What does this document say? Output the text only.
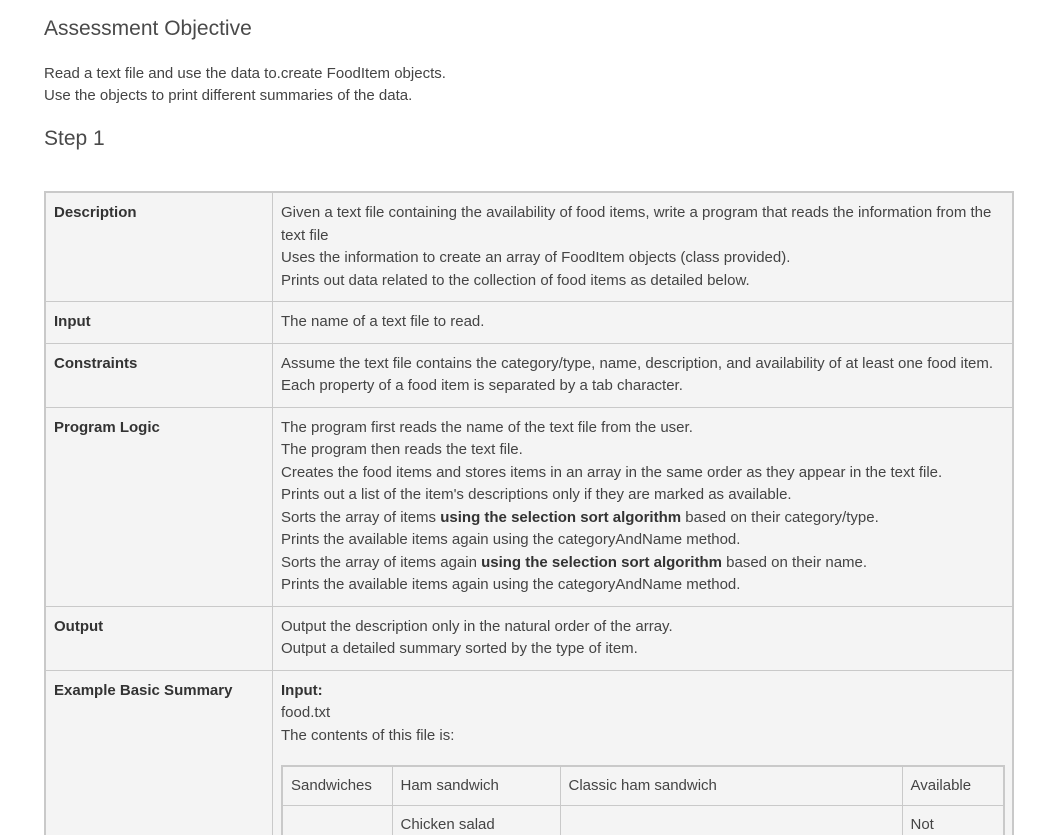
Assessment Objective

Read a text file and use the data to.create FoodItem objects.
Use the objects to print different summaries of the data.

Step 1
Description	Given a text file containing the availability of food items, write a program that reads the information from the text file
Uses the information to create an array of FoodItem objects (class provided).
Prints out data related to the collection of food items as detailed below.

Input	The name of a text file to read.

Constraints	Assume the text file contains the category/type, name, description, and availability of at least one food item.
Each property of a food item is separated by a tab character.

Program Logic	The program first reads the name of the text file from the user.
The program then reads the text file.
Creates the food items and stores items in an array in the same order as they appear in the text file.
Prints out a list of the item's descriptions only if they are marked as available.
Sorts the array of items using the selection sort algorithm based on their category/type.
Prints the available items again using the categoryAndName method.
Sorts the array of items again using the selection sort algorithm based on their name.
Prints the available items again using the categoryAndName method.

Output	Output the description only in the natural order of the array.
Output a detailed summary sorted by the type of item.

Example Basic Summary	Input:
food.txt
The contents of this file is:
Sandwiches	Ham sandwich	Classic ham sandwich	Available
	Chicken salad		Not
